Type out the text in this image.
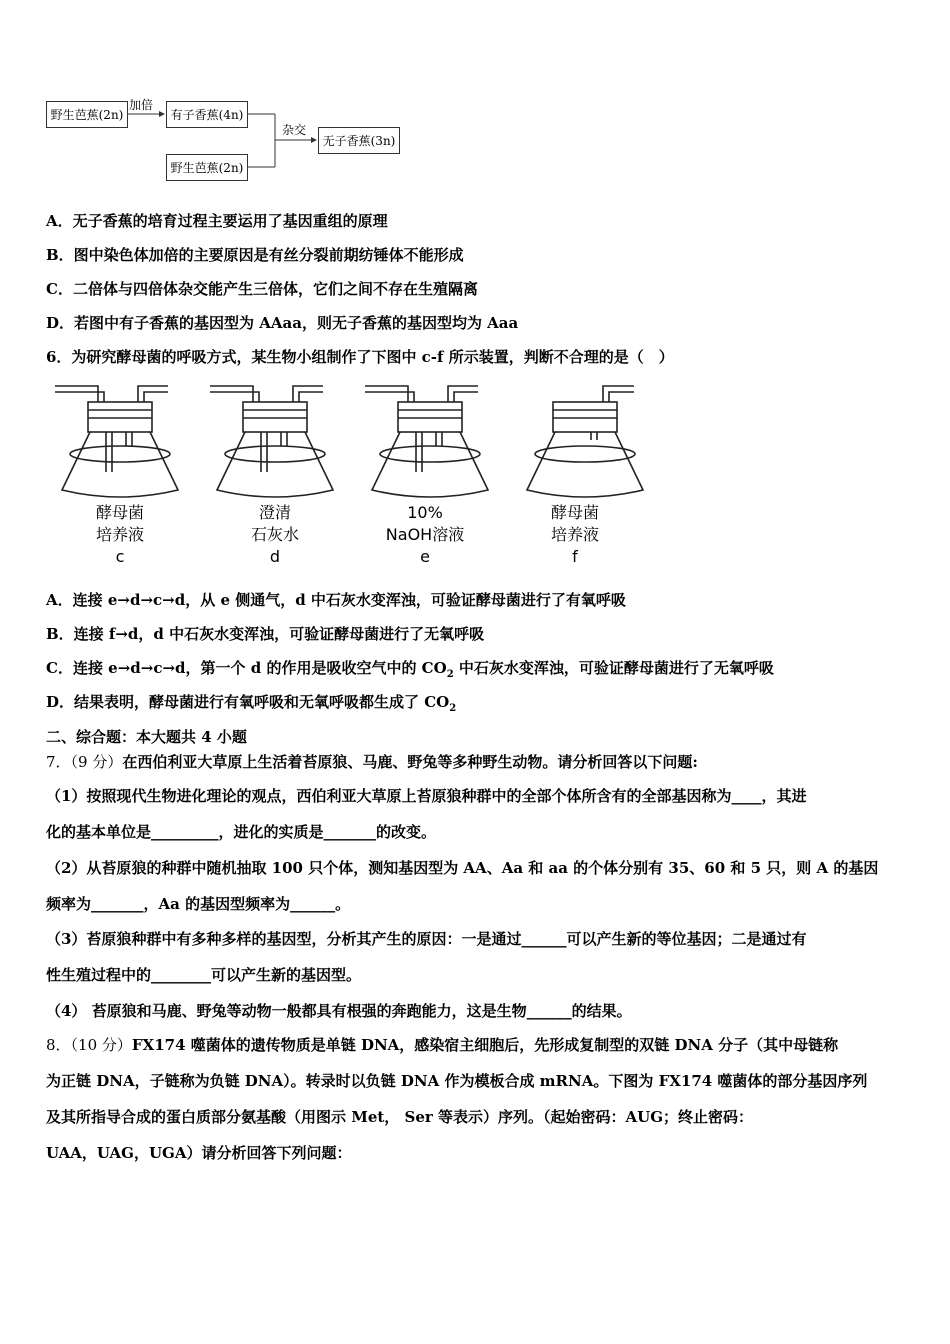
野生芭蕉(2n)	有子香蕉(4n)
野生芭蕉(2n)
无子香蕉(3n)
加倍
杂交
A．无子香蕉的培育过程主要运用了基因重组的原理
B．图中染色体加倍的主要原因是有丝分裂前期纺锤体不能形成
C．二倍体与四倍体杂交能产生三倍体，它们之间不存在生殖隔离
D．若图中有子香蕉的基因型为 AAaa，则无子香蕉的基因型均为 Aaa
6．为研究酵母菌的呼吸方式，某生物小组制作了下图中 c-f 所示装置，判断不合理的是（　）
酵母菌
培养液
c
澄清
石灰水
d
10%
NaOH溶液
e
酵母菌
培养液
f
A．连接 e→d→c→d，从 e 侧通气，d 中石灰水变浑浊，可验证酵母菌进行了有氧呼吸
B．连接 f→d，d 中石灰水变浑浊，可验证酵母菌进行了无氧呼吸
C．连接 e→d→c→d，第一个 d 的作用是吸收空气中的 $CO_2$ 中石灰水变浑浊，可验证酵母菌进行了无氧呼吸
D．结果表明，酵母菌进行有氧呼吸和无氧呼吸都生成了 $CO_2$
二、综合题：本大题共 4 小题
7．（9 分）在西伯利亚大草原上生活着苔原狼、马鹿、野兔等多种野生动物。请分析回答以下问题:
（1）按照现代生物进化理论的观点，西伯利亚大草原上苔原狼种群中的全部个体所含有的全部基因称为____，其进
化的基本单位是_________，进化的实质是_______的改变。
（2）从苔原狼的种群中随机抽取 100 只个体，测知基因型为 AA、Aa 和 aa 的个体分别有 35、60 和 5 只，则 A 的基因
频率为_______，Aa 的基因型频率为______。
（3）苔原狼种群中有多种多样的基因型，分析其产生的原因：一是通过______可以产生新的等位基因；二是通过有
性生殖过程中的________可以产生新的基因型。
（4） 苔原狼和马鹿、野兔等动物一般都具有根强的奔跑能力，这是生物______的结果。
8．（10 分）FX174 噬菌体的遗传物质是单链 DNA，感染宿主细胞后，先形成复制型的双链 DNA 分子（其中母链称
为正链 DNA，子链称为负链 DNA）。转录时以负链 DNA 作为模板合成 mRNA。下图为 FX174 噬菌体的部分基因序列
及其所指导合成的蛋白质部分氨基酸（用图示 Met， Ser 等表示）序列。（起始密码：AUG；终止密码：
UAA，UAG，UGA）请分析回答下列问题：
